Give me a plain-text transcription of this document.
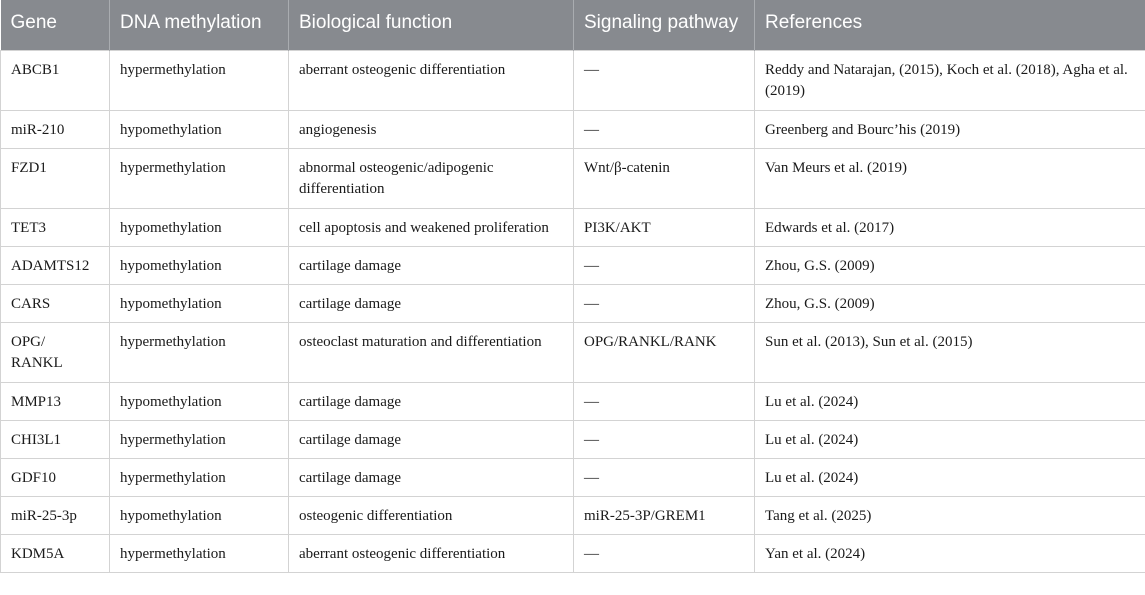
Gene	DNA methylation	Biological function	Signaling pathway	References
ABCB1	hypermethylation	aberrant osteogenic differentiation	—	Reddy and Natarajan, (2015), Koch et al. (2018), Agha et al. (2019)
miR-210	hypomethylation	angiogenesis	—	Greenberg and Bourc’his (2019)
FZD1	hypermethylation	abnormal osteogenic/adipogenic differentiation	Wnt/β-catenin	Van Meurs et al. (2019)
TET3	hypomethylation	cell apoptosis and weakened proliferation	PI3K/AKT	Edwards et al. (2017)
ADAMTS12	hypomethylation	cartilage damage	—	Zhou, G.S. (2009)
CARS	hypomethylation	cartilage damage	—	Zhou, G.S. (2009)
OPG/ RANKL	hypermethylation	osteoclast maturation and differentiation	OPG/RANKL/RANK	Sun et al. (2013), Sun et al. (2015)
MMP13	hypomethylation	cartilage damage	—	Lu et al. (2024)
CHI3L1	hypermethylation	cartilage damage	—	Lu et al. (2024)
GDF10	hypermethylation	cartilage damage	—	Lu et al. (2024)
miR-25-3p	hypomethylation	osteogenic differentiation	miR-25-3P/GREM1	Tang et al. (2025)
KDM5A	hypermethylation	aberrant osteogenic differentiation	—	Yan et al. (2024)
